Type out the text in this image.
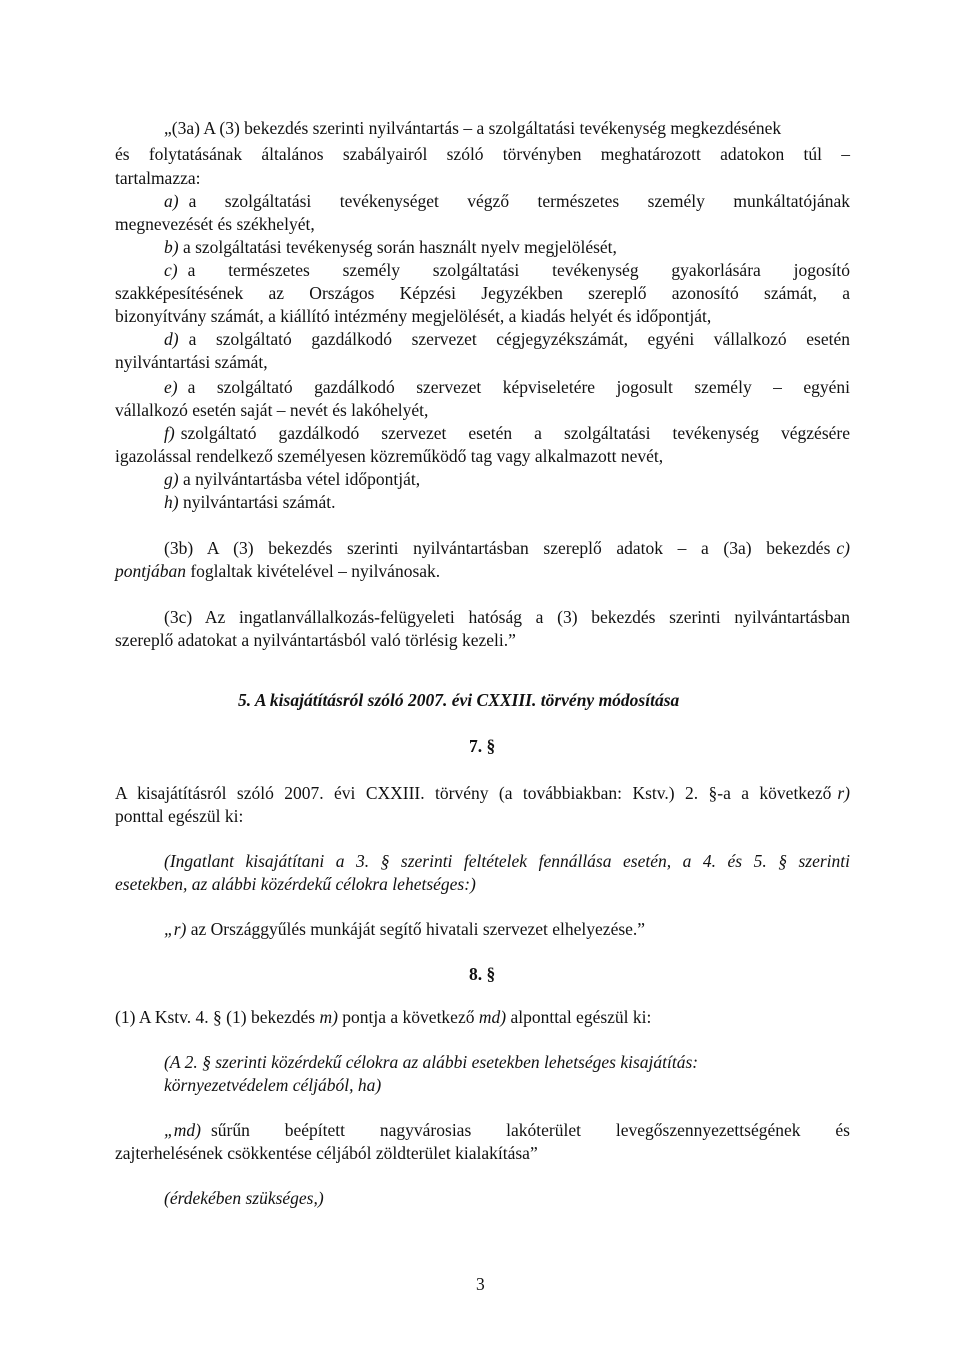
„(3a) A (3) bekezdés szerinti nyilvántartás – a szolgáltatási tevékenység megkezdésének
és folytatásának általános szabályairól szóló törvényben meghatározott adatokon túl –
tartalmazza:
a) a szolgáltatási tevékenységet végző természetes személy munkáltatójának
megnevezését és székhelyét,
b) a szolgáltatási tevékenység során használt nyelv megjelölését,
c) a természetes személy szolgáltatási tevékenység gyakorlására jogosító
szakképesítésének az Országos Képzési Jegyzékben szereplő azonosító számát, a
bizonyítvány számát, a kiállító intézmény megjelölését, a kiadás helyét és időpontját,
d) a szolgáltató gazdálkodó szervezet cégjegyzékszámát, egyéni vállalkozó esetén
nyilvántartási számát,
e) a szolgáltató gazdálkodó szervezet képviseletére jogosult személy – egyéni
vállalkozó esetén saját – nevét és lakóhelyét,
f) szolgáltató gazdálkodó szervezet esetén a szolgáltatási tevékenység végzésére
igazolással rendelkező személyesen közreműködő tag vagy alkalmazott nevét,
g) a nyilvántartásba vétel időpontját,
h) nyilvántartási számát.
(3b) A (3) bekezdés szerinti nyilvántartásban szereplő adatok – a (3a) bekezdés c)
pontjában foglaltak kivételével – nyilvánosak.
(3c) Az ingatlanvállalkozás-felügyeleti hatóság a (3) bekezdés szerinti nyilvántartásban
szereplő adatokat a nyilvántartásból való törlésig kezeli.”
5. A kisajátításról szóló 2007. évi CXXIII. törvény módosítása
7. §
A kisajátításról szóló 2007. évi CXXIII. törvény (a továbbiakban: Kstv.) 2. §-a a következő r)
ponttal egészül ki:
(Ingatlant kisajátítani a 3. § szerinti feltételek fennállása esetén, a 4. és 5. § szerinti
esetekben, az alábbi közérdekű célokra lehetséges:)
„r) az Országgyűlés munkáját segítő hivatali szervezet elhelyezése.”
8. §
(1) A Kstv. 4. § (1) bekezdés m) pontja a következő md) alponttal egészül ki:
(A 2. § szerinti közérdekű célokra az alábbi esetekben lehetséges kisajátítás:
környezetvédelem céljából, ha)
„md) sűrűn beépített nagyvárosias lakóterület levegőszennyezettségének és
zajterhelésének csökkentése céljából zöldterület kialakítása”
(érdekében szükséges,)
3
